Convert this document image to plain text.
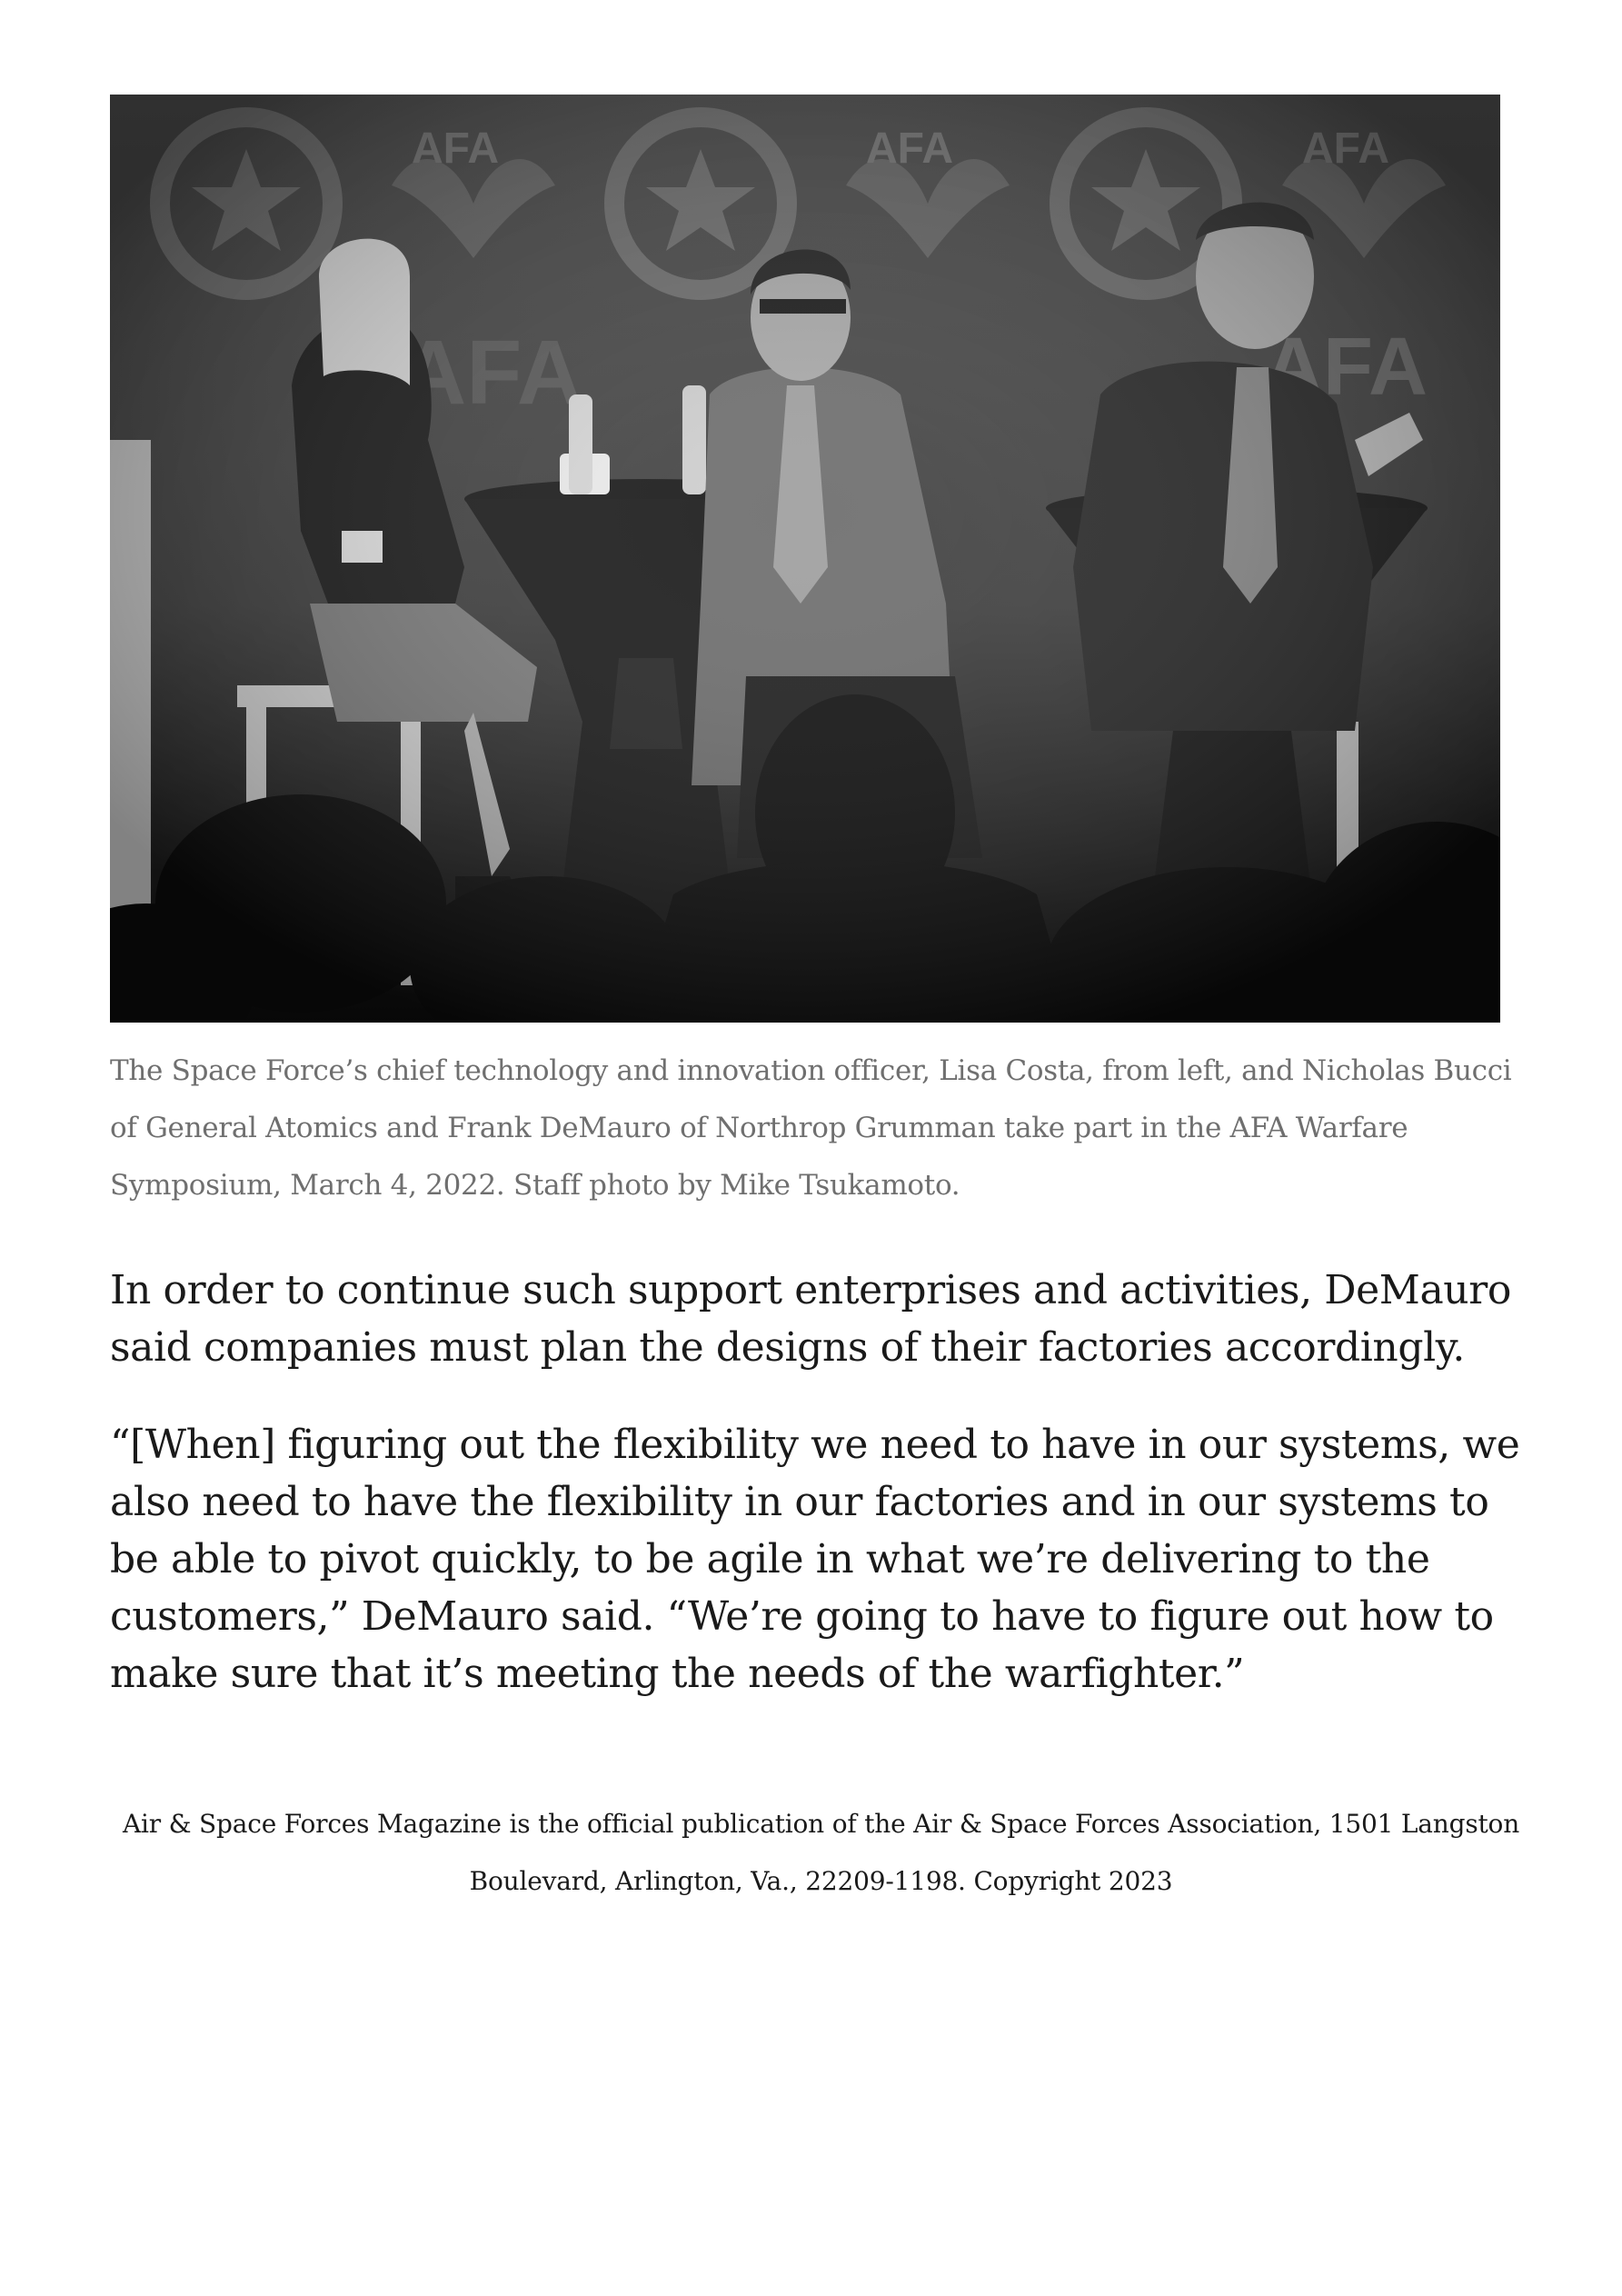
The Space Force’s chief technology and innovation officer, Lisa Costa, from left, and Nicholas Bucci of General Atomics and Frank DeMauro of Northrop Grumman take part in the AFA Warfare Symposium, March 4, 2022. Staff photo by Mike Tsukamoto.

In order to continue such support enterprises and activities, DeMauro said companies must plan the designs of their factories accordingly.

“[When] figuring out the flexibility we need to have in our systems, we also need to have the flexibility in our factories and in our systems to be able to pivot quickly, to be agile in what we’re delivering to the customers,” DeMauro said. “We’re going to have to figure out how to make sure that it’s meeting the needs of the warfighter.”

Air & Space Forces Magazine is the official publication of the Air & Space Forces Association, 1501 Langston Boulevard, Arlington, Va., 22209-1198. Copyright 2023
